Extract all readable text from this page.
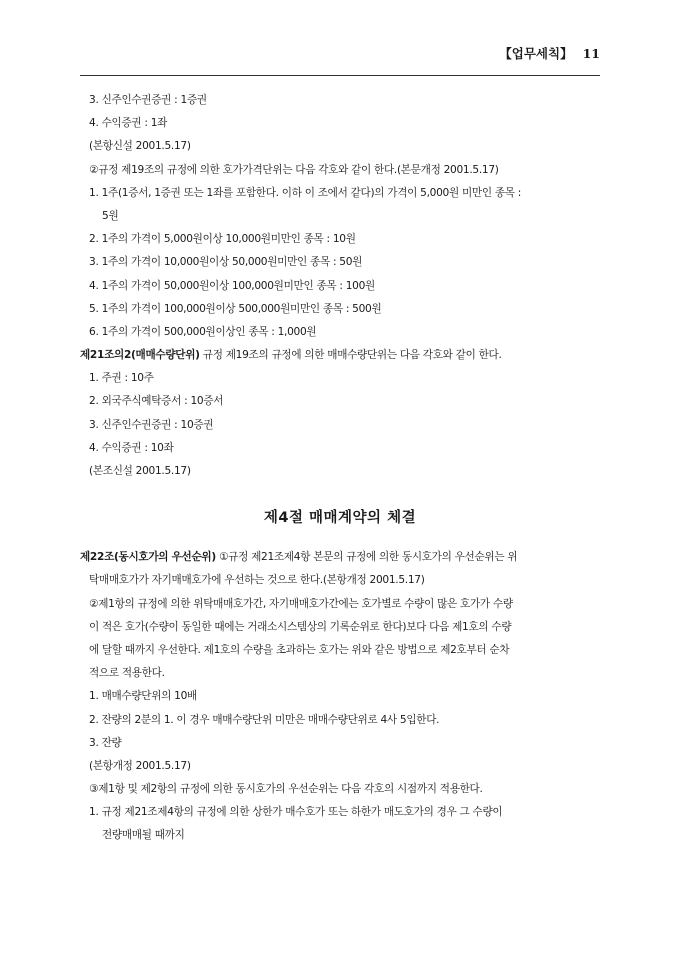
【업무세칙】 11
3. 신주인수권증권 : 1증권
4. 수익증권 : 1좌
(본항신설 2001.5.17)
②규정 제19조의 규정에 의한 호가가격단위는 다음 각호와 같이 한다.(본문개정 2001.5.17)
1. 1주(1증서, 1증권 또는 1좌를 포함한다. 이하 이 조에서 같다)의 가격이 5,000원 미만인 종목 :
5원
2. 1주의 가격이 5,000원이상 10,000원미만인 종목 : 10원
3. 1주의 가격이 10,000원이상 50,000원미만인 종목 : 50원
4. 1주의 가격이 50,000원이상 100,000원미만인 종목 : 100원
5. 1주의 가격이 100,000원이상 500,000원미만인 종목 : 500원
6. 1주의 가격이 500,000원이상인 종목 : 1,000원
제21조의2(매매수량단위) 규정 제19조의 규정에 의한 매매수량단위는 다음 각호와 같이 한다.
1. 주권 : 10주
2. 외국주식예탁증서 : 10증서
3. 신주인수권증권 : 10증권
4. 수익증권 : 10좌
(본조신설 2001.5.17)
제4절 매매계약의 체결
제22조(동시호가의 우선순위) ①규정 제21조제4항 본문의 규정에 의한 동시호가의 우선순위는 위
탁매매호가가 자기매매호가에 우선하는 것으로 한다.(본항개정 2001.5.17)
②제1항의 규정에 의한 위탁매매호가간, 자기매매호가간에는 호가별로 수량이 많은 호가가 수량
이 적은 호가(수량이 동일한 때에는 거래소시스템상의 기록순위로 한다)보다 다음 제1호의 수량
에 달할 때까지 우선한다. 제1호의 수량을 초과하는 호가는 위와 같은 방법으로 제2호부터 순차
적으로 적용한다.
1. 매매수량단위의 10배
2. 잔량의 2분의 1. 이 경우 매매수량단위 미만은 매매수량단위로 4사 5입한다.
3. 잔량
(본항개정 2001.5.17)
③제1항 및 제2항의 규정에 의한 동시호가의 우선순위는 다음 각호의 시점까지 적용한다.
1. 규정 제21조제4항의 규정에 의한 상한가 매수호가 또는 하한가 매도호가의 경우 그 수량이
전량매매될 때까지
